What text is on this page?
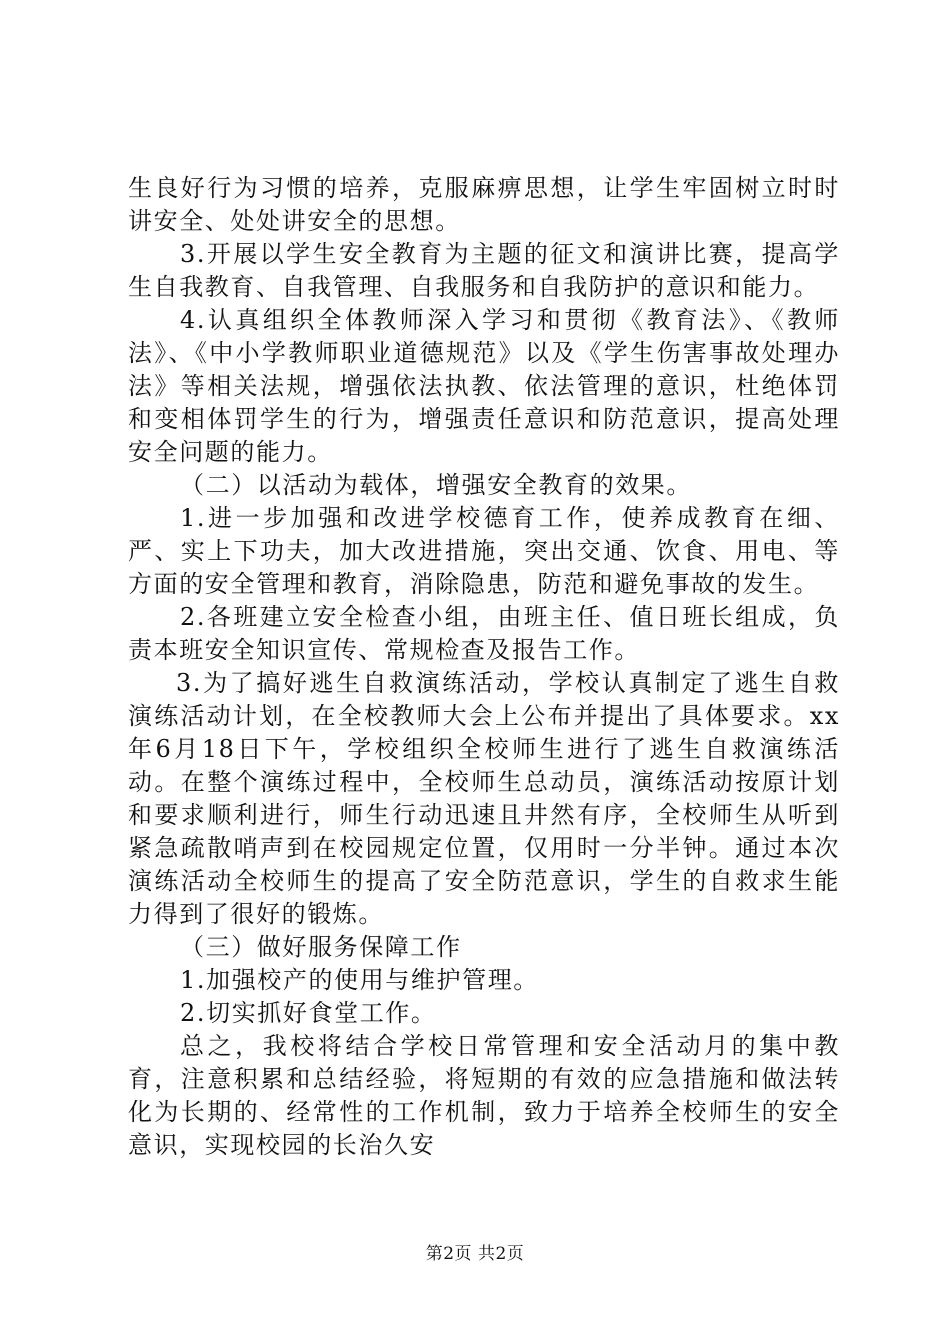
生良好行为习惯的培养，克服麻痹思想，让学生牢固树立时时讲安全、处处讲安全的思想。

3.开展以学生安全教育为主题的征文和演讲比赛，提高学生自我教育、自我管理、自我服务和自我防护的意识和能力。

4.认真组织全体教师深入学习和贯彻《教育法》、《教师法》、《中小学教师职业道德规范》以及《学生伤害事故处理办法》等相关法规，增强依法执教、依法管理的意识，杜绝体罚和变相体罚学生的行为，增强责任意识和防范意识，提高处理安全问题的能力。

（二）以活动为载体，增强安全教育的效果。

1.进一步加强和改进学校德育工作，使养成教育在细、严、实上下功夫，加大改进措施，突出交通、饮食、用电、等方面的安全管理和教育，消除隐患，防范和避免事故的发生。

2.各班建立安全检查小组，由班主任、值日班长组成，负责本班安全知识宣传、常规检查及报告工作。

3.为了搞好逃生自救演练活动，学校认真制定了逃生自救演练活动计划，在全校教师大会上公布并提出了具体要求。xx年6月18日下午，学校组织全校师生进行了逃生自救演练活动。在整个演练过程中，全校师生总动员，演练活动按原计划和要求顺利进行，师生行动迅速且井然有序，全校师生从听到紧急疏散哨声到在校园规定位置，仅用时一分半钟。通过本次演练活动全校师生的提高了安全防范意识，学生的自救求生能力得到了很好的锻炼。

（三）做好服务保障工作

1.加强校产的使用与维护管理。

2.切实抓好食堂工作。

总之，我校将结合学校日常管理和安全活动月的集中教育，注意积累和总结经验，将短期的有效的应急措施和做法转化为长期的、经常性的工作机制，致力于培养全校师生的安全意识，实现校园的长治久安

第2页 共2页
